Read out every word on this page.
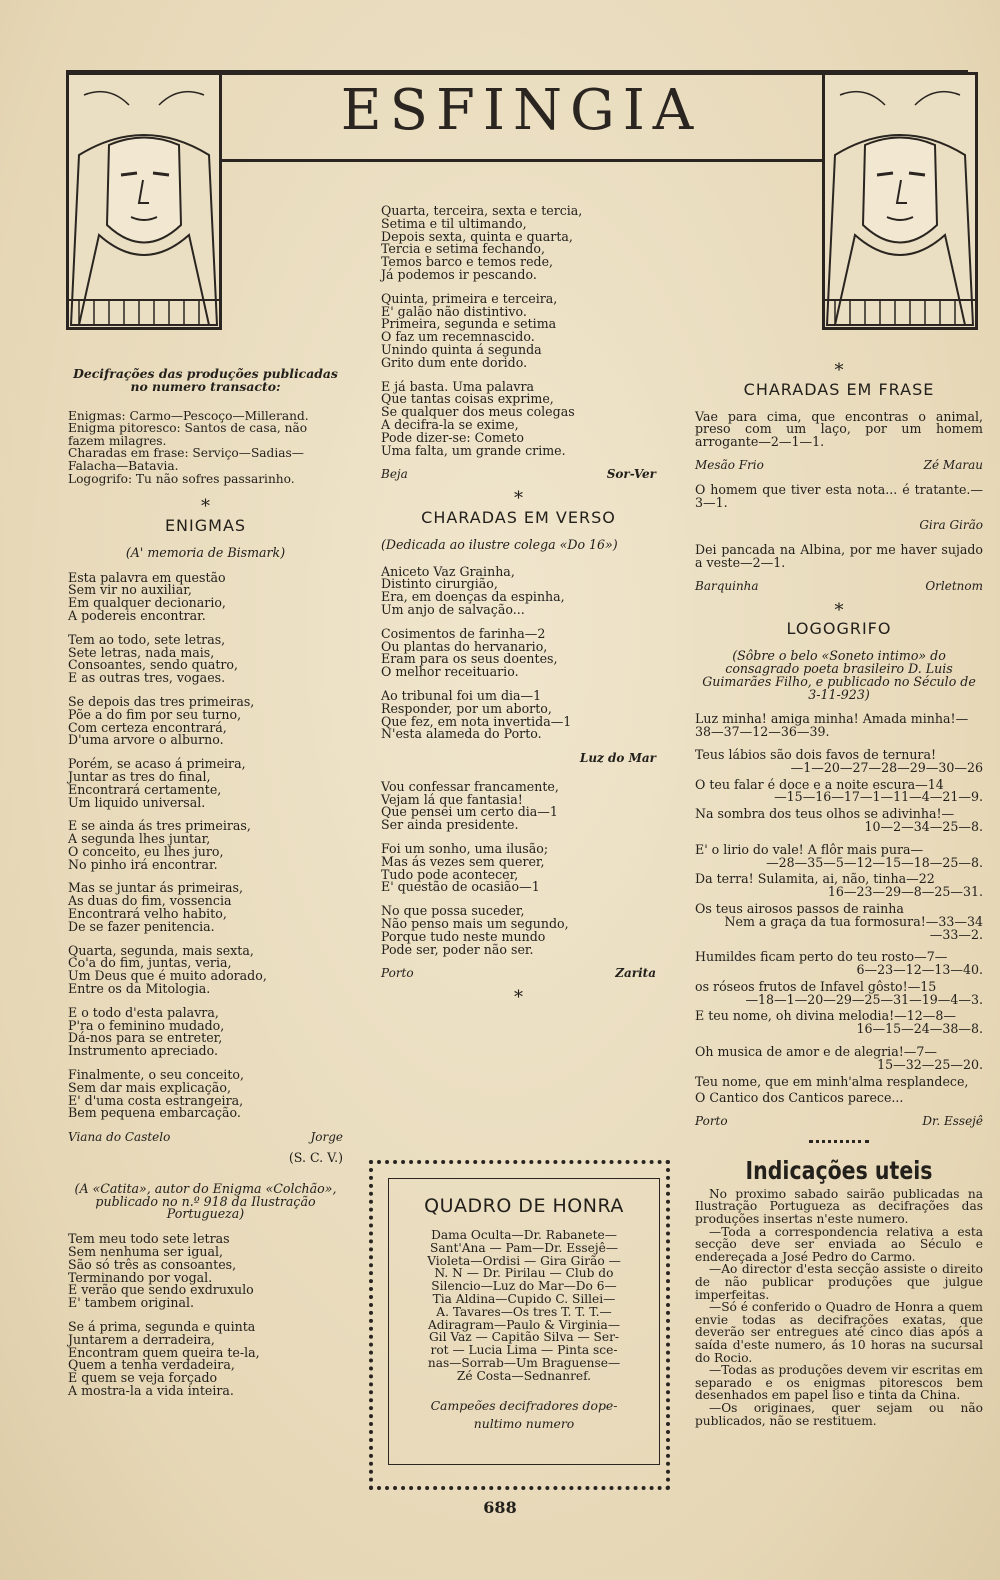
ESFINGIA
Decifrações das produções publicadas
no numero transacto:
Enigmas: Carmo—Pescoço—Millerand.
Enigma pitoresco: Santos de casa, não fazem milagres.
Charadas em frase: Serviço—Sadias—Falacha—Batavia.
Logogrifo: Tu não sofres passarinho.
*
ENIGMAS
(A' memoria de Bismark)

Esta palavra em questão
Sem vir no auxiliar,
Em qualquer decionario,
A podereis encontrar.

Tem ao todo, sete letras,
Sete letras, nada mais,
Consoantes, sendo quatro,
E as outras tres, vogaes.

Se depois das tres primeiras,
Põe a do fim por seu turno,
Com certeza encontrará,
D'uma arvore o alburno.

Porém, se acaso á primeira,
Juntar as tres do final,
Encontrará certamente,
Um liquido universal.

E se ainda ás tres primeiras,
A segunda lhes juntar,
O conceito, eu lhes juro,
No pinho irá encontrar.

Mas se juntar ás primeiras,
As duas do fim, vossencia
Encontrará velho habito,
De se fazer penitencia.

Quarta, segunda, mais sexta,
Co'a do fim, juntas, veria,
Um Deus que é muito adorado,
Entre os da Mitologia.

E o todo d'esta palavra,
P'ra o feminino mudado,
Dá-nos para se entreter,
Instrumento apreciado.

Finalmente, o seu conceito,
Sem dar mais explicação,
E' d'uma costa estrangeira,
Bem pequena embarcação.

Viana do Castelo	Jorge
(S. C. V.)
(A «Catita», autor do Enigma «Colchão», publicado no n.º 918 da Ilustração Portugueza)

Tem meu todo sete letras
Sem nenhuma ser igual,
São só três as consoantes,
Terminando por vogal.
E verão que sendo exdruxulo
E' tambem original.

Se á prima, segunda e quinta
Juntarem a derradeira,
Encontram quem queira te-la,
Quem a tenha verdadeira,
E quem se veja forçado
A mostra-la a vida inteira.

Quarta, terceira, sexta e tercia,
Setima e til ultimando,
Depois sexta, quinta e quarta,
Tercia e setima fechando,
Temos barco e temos rede,
Já podemos ir pescando.

Quinta, primeira e terceira,
E' galão não distintivo.
Primeira, segunda e setima
O faz um recemnascido.
Unindo quinta á segunda
Grito dum ente dorido.

E já basta. Uma palavra
Que tantas coisas exprime,
Se qualquer dos meus colegas
A decifra-la se exime,
Pode dizer-se: Cometo
Uma falta, um grande crime.

Beja	Sor-Ver
*
CHARADAS EM VERSO
(Dedicada ao ilustre colega «Do 16»)

Aniceto Vaz Grainha,
Distinto cirurgião,
Era, em doenças da espinha,
Um anjo de salvação...

Cosimentos de farinha—2
Ou plantas do hervanario,
Eram para os seus doentes,
O melhor receituario.

Ao tribunal foi um dia—1
Responder, por um aborto,
Que fez, em nota invertida—1
N'esta alameda do Porto.

Luz do Mar

Vou confessar francamente,
Vejam lá que fantasia!
Que pensei um certo dia—1
Ser ainda presidente.

Foi um sonho, uma ilusão;
Mas ás vezes sem querer,
Tudo pode acontecer,
E' questão de ocasião—1

No que possa suceder,
Não penso mais um segundo,
Porque tudo neste mundo
Pode ser, poder não ser.

Porto	Zarita
*
QUADRO DE HONRA
Dama Oculta—Dr. Rabanete—
Sant'Ana — Pam—Dr. Essejê—
Violeta—Ordisi — Gira Girão —
N. N — Dr. Pirilau — Club do
Silencio—Luz do Mar—Do 6—
Tia Aldina—Cupido C. Sillei—
A. Tavares—Os tres T. T. T.—
Adiragram—Paulo & Virginia—
Gil Vaz — Capitão Silva — Ser-
rot — Lucia Lima — Pinta sce-
nas—Sorrab—Um Braguense—
Zé Costa—Sednanref.
Campeões decifradores dope-
nultimo numero
*
CHARADAS EM FRASE
Vae para cima, que encontras o animal, preso com um laço, por um homem arrogante—2—1—1.
Mesão Frio	Zé Marau
O homem que tiver esta nota... é tratante.—3—1.
Gira Girão
Dei pancada na Albina, por me haver sujado a veste—2—1.
Barquinha	Orletnom
*
LOGOGRIFO
(Sôbre o belo «Soneto intimo» do consagrado poeta brasileiro D. Luis Guimarães Filho, e publicado no Século de 3-11-923)
Luz minha! amiga minha! Amada minha!—38—37—12—36—39.
Teus lábios são dois favos de ternura!
—1—20—27—28—29—30—26
O teu falar é doce e a noite escura—14
—15—16—17—1—11—4—21—9.
Na sombra dos teus olhos se adivinha!—
10—2—34—25—8.
E' o lirio do vale! A flôr mais pura—
—28—35—5—12—15—18—25—8.
Da terra! Sulamita, ai, não, tinha—22
16—23—29—8—25—31.
Os teus airosos passos de rainha
Nem a graça da tua formosura!—33—34
—33—2.
Humildes ficam perto do teu rosto—7—
6—23—12—13—40.
os róseos frutos de Infavel gôsto!—15
—18—1—20—29—25—31—19—4—3.
E teu nome, oh divina melodia!—12—8—
16—15—24—38—8.
Oh musica de amor e de alegria!—7—
15—32—25—20.
Teu nome, que em minh'alma resplandece,
O Cantico dos Canticos parece...
Porto	Dr. Essejê
Indicações uteis
No proximo sabado sairão publicadas na Ilustração Portugueza as decifrações das produções insertas n'este numero.
—Toda a correspondencia relativa a esta secção deve ser enviada ao Século e endereçada a José Pedro do Carmo.
—Ao director d'esta secção assiste o direito de não publicar produções que julgue imperfeitas.
—Só é conferido o Quadro de Honra a quem envie todas as decifrações exatas, que deverão ser entregues até cinco dias após a saída d'este numero, ás 10 horas na sucursal do Rocio.
—Todas as produções devem vir escritas em separado e os enigmas pitorescos bem desenhados em papel liso e tinta da China.
—Os originaes, quer sejam ou não publicados, não se restituem.
688
